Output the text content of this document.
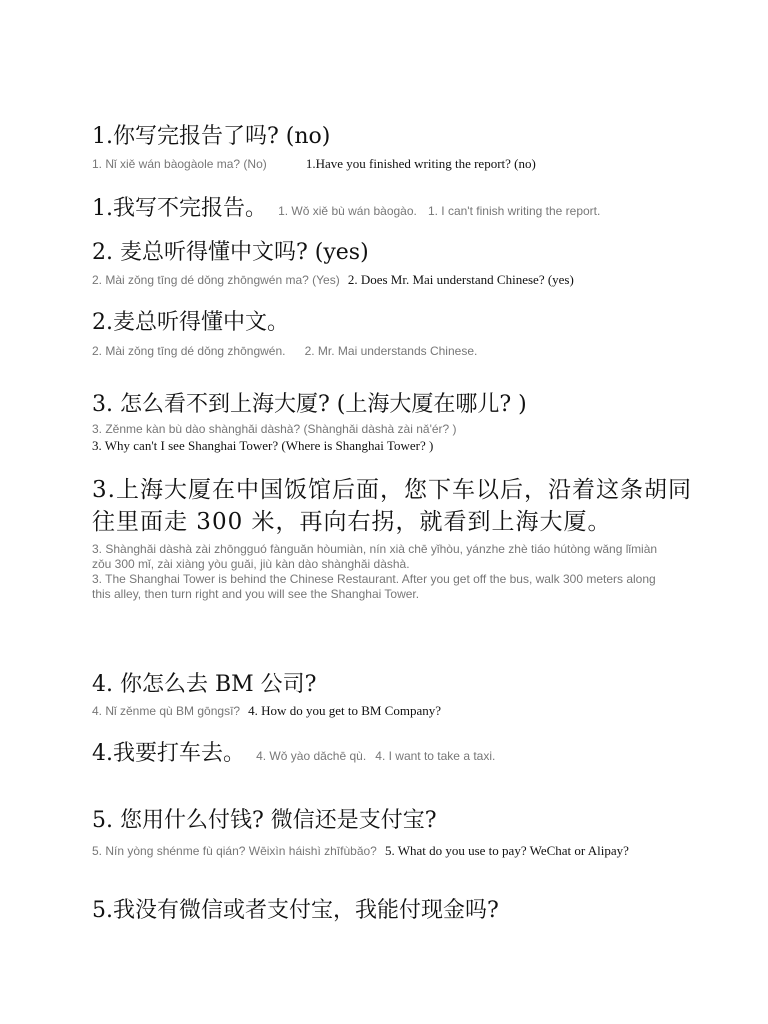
1.你写完报告了吗? (no)
1. Nǐ xiě wán bàogàole ma? (No)	1.Have you finished writing the report? (no)
1.我写不完报告。 1. Wǒ xiě bù wán bàogào. 1. I can't finish writing the report.
2. 麦总听得懂中文吗? (yes)
2. Mài zǒng tīng dé dǒng zhōngwén ma? (Yes) 2. Does Mr. Mai understand Chinese? (yes)
2.麦总听得懂中文。
2. Mài zǒng tīng dé dǒng zhōngwén. 2. Mr. Mai understands Chinese.
3. 怎么看不到上海大厦? (上海大厦在哪儿? )
3. Zěnme kàn bù dào shànghǎi dàshà? (Shànghǎi dàshà zài nǎ'ér? )
3. Why can't I see Shanghai Tower? (Where is Shanghai Tower? )
3.上海大厦在中国饭馆后面，您下车以后，沿着这条胡同往里面走 300 米，再向右拐，就看到上海大厦。
3. Shànghǎi dàshà zài zhōngguó fànguǎn hòumiàn, nín xià chē yǐhòu, yánzhe zhè tiáo hútòng wǎng lǐmiàn zǒu 300 mǐ, zài xiàng yòu guǎi, jiù kàn dào shànghǎi dàshà.
3. The Shanghai Tower is behind the Chinese Restaurant. After you get off the bus, walk 300 meters along this alley, then turn right and you will see the Shanghai Tower.
4. 你怎么去 BM 公司?
4. Nǐ zěnme qù BM gōngsī? 4. How do you get to BM Company?
4.我要打车去。 4. Wǒ yào dǎchē qù. 4. I want to take a taxi.
5. 您用什么付钱? 微信还是支付宝?
5. Nín yòng shénme fù qián? Wēixìn háishì zhīfùbǎo? 5. What do you use to pay? WeChat or Alipay?
5.我没有微信或者支付宝，我能付现金吗?
